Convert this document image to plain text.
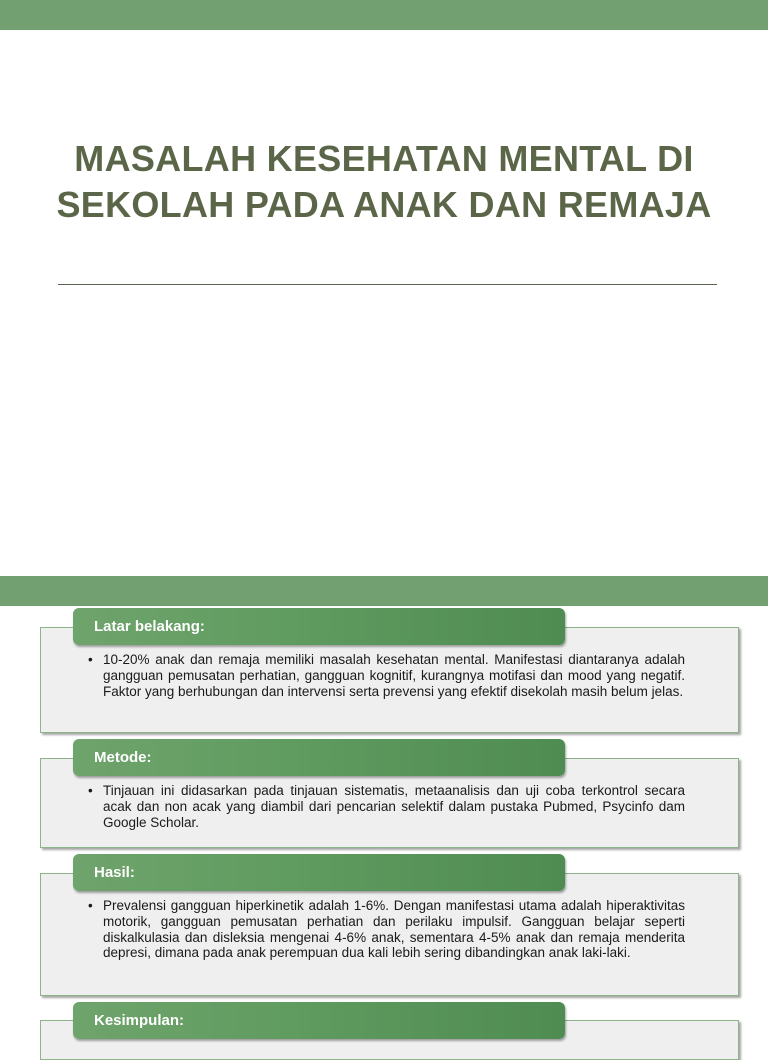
MASALAH KESEHATAN MENTAL DI SEKOLAH PADA ANAK DAN REMAJA
Latar belakang:
• 10-20% anak dan remaja memiliki masalah kesehatan mental. Manifestasi diantaranya adalah gangguan pemusatan perhatian, gangguan kognitif, kurangnya motifasi dan mood yang negatif. Faktor yang berhubungan dan intervensi serta prevensi yang efektif disekolah masih belum jelas.
Metode:
• Tinjauan ini didasarkan pada tinjauan sistematis, metaanalisis dan uji coba terkontrol secara acak dan non acak yang diambil dari pencarian selektif dalam pustaka Pubmed, Psycinfo dam Google Scholar.
Hasil:
• Prevalensi gangguan hiperkinetik adalah 1-6%. Dengan manifestasi utama adalah hiperaktivitas motorik, gangguan pemusatan perhatian dan perilaku impulsif. Gangguan belajar seperti diskalkulasia dan disleksia mengenai 4-6% anak, sementara 4-5% anak dan remaja menderita depresi, dimana pada anak perempuan dua kali lebih sering dibandingkan anak laki-laki.
Kesimpulan:
